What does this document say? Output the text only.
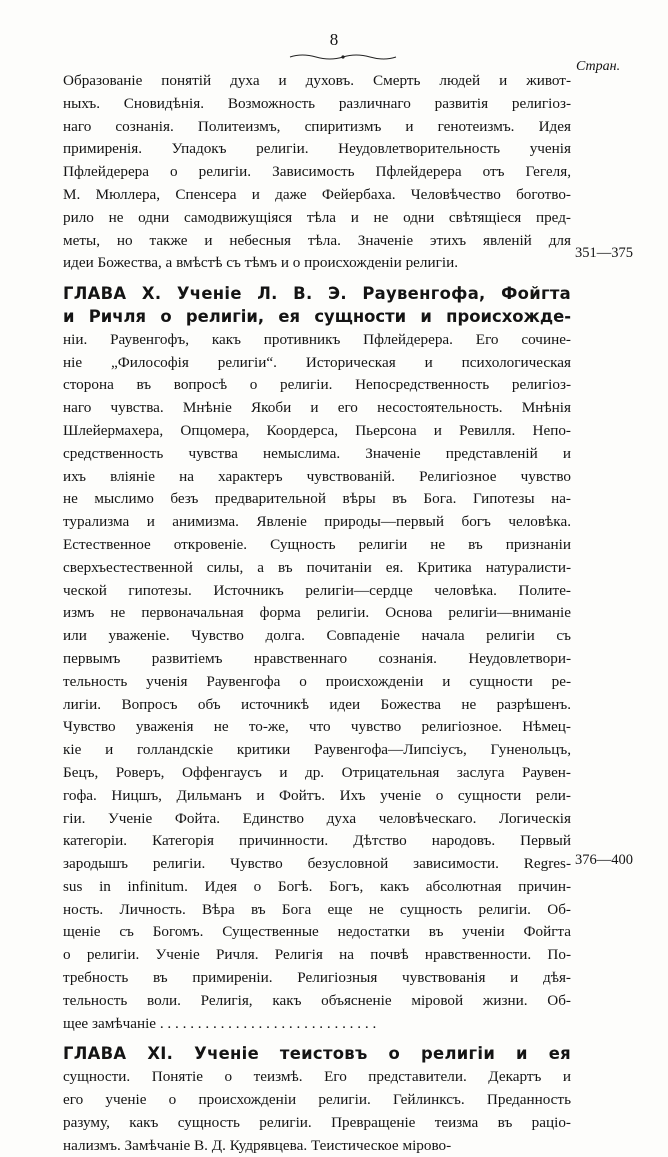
8
Стран.

Образованіе понятій духа и духовъ. Смерть людей и живот-

ныхъ. Сновидѣнія. Возможность различнаго развитія религіоз-

наго сознанія. Политеизмъ, спиритизмъ и генотеизмъ. Идея

примиренія. Упадокъ религіи. Неудовлетворительность ученія

Пфлейдерера о религіи. Зависимость Пфлейдерера отъ Гегеля,

М. Мюллера, Спенсера и даже Фейербаха. Человѣчество боготво-

рило не одни самодвижущіяся тѣла и не одни свѣтящіеся пред-

меты, но также и небесныя тѣла. Значеніе этихъ явленій для

идеи Божества, а вмѣстѣ съ тѣмъ и о происхожденіи религіи.

ГЛАВА X. Ученіе Л. В. Э. Раувенгофа, Фойгта

и Ричля о религіи, ея сущности и происхожде-

ніи. Раувенгофъ, какъ противникъ Пфлейдерера. Его сочине-

ніе „Философія религіи“. Историческая и психологическая

сторона въ вопросѣ о религіи. Непосредственность религіоз-

наго чувства. Мнѣніе Якоби и его несостоятельность. Мнѣнія

Шлейермахера, Опцомера, Коордерса, Пьерсона и Ревилля. Непо-

средственность чувства немыслима. Значеніе представленій и

ихъ вліяніе на характеръ чувствованій. Религіозное чувство

не мыслимо безъ предварительной вѣры въ Бога. Гипотезы на-

турализма и анимизма. Явленіе природы—первый богъ человѣка.

Естественное откровеніе. Сущность религіи не въ признаніи

сверхъестественной силы, а въ почитаніи ея. Критика натуралисти-

ческой гипотезы. Источникъ религіи—сердце человѣка. Полите-

измъ не первоначальная форма религіи. Основа религіи—вниманіе

или уваженіе. Чувство долга. Совпаденіе начала религіи съ

первымъ развитіемъ нравственнаго сознанія. Неудовлетвори-

тельность ученія Раувенгофа о происхожденіи и сущности ре-

лигіи. Вопросъ объ источникѣ идеи Божества не разрѣшенъ.

Чувство уваженія не то-же, что чувство религіозное. Нѣмец-

кіе и голландскіе критики Раувенгофа—Липсіусъ, Гуненольцъ,

Бецъ, Роверъ, Оффенгаусъ и др. Отрицательная заслуга Раувен-

гофа. Ницшъ, Дильманъ и Фойтъ. Ихъ ученіе о сущности рели-

гіи. Ученіе Фойта. Единство духа человѣческаго. Логическія

категоріи. Категорія причинности. Дѣтство народовъ. Первый

зародышъ религіи. Чувство безусловной зависимости. Regres-

sus in infinitum. Идея о Богѣ. Богъ, какъ абсолютная причин-

ность. Личность. Вѣра въ Бога еще не сущность религіи. Об-

щеніе съ Богомъ. Существенные недостатки въ ученіи Фойгта

о религіи. Ученіе Ричля. Религія на почвѣ нравственности. По-

требность въ примиреніи. Религіозныя чувствованія и дѣя-

тельность воли. Религія, какъ объясненіе міровой жизни. Об-

щее замѣчаніе . . . . . . . . . . . . . . . . . . . . . . . . . . . . .

ГЛАВА XI. Ученіе теистовъ о религіи и ея

сущности. Понятіе о теизмѣ. Его представители. Декартъ и

его ученіе о происхожденіи религіи. Гейлинксъ. Преданность

разуму, какъ сущность религіи. Превращеніе теизма въ раціо-

нализмъ. Замѣчаніе В. Д. Кудрявцева. Теистическое мірово-

351—375
376—400
